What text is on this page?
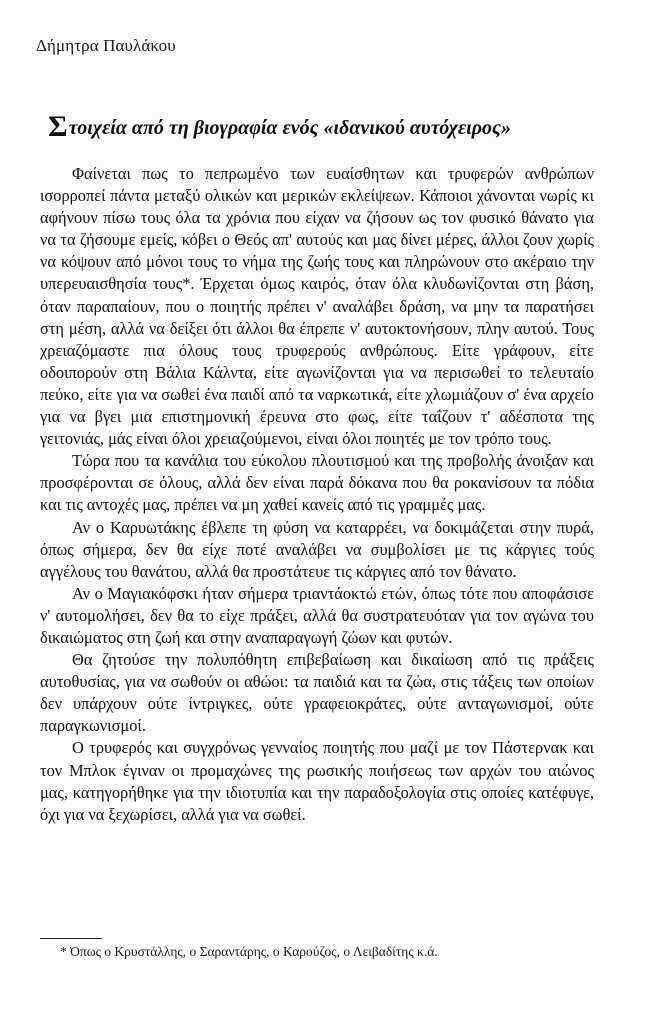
Δήμητρα Παυλάκου
Στοιχεία από τη βιογραφία ενός «ιδανικού αυτόχειρος»

Φαίνεται πως το πεπρωμένο των ευαίσθητων και τρυφερών ανθρώπων ισορροπεί πάντα μεταξύ ολικών και μερικών εκλείψεων. Κάποιοι χάνονται νωρίς κι αφήνουν πίσω τους όλα τα χρόνια που είχαν να ζήσουν ως τον φυσικό θάνατο για να τα ζήσουμε εμείς, κόβει ο Θεός απ' αυτούς και μας δίνει μέρες, άλλοι ζουν χωρίς να κόψουν από μόνοι τους το νήμα της ζωής τους και πληρώνουν στο ακέραιο την υπερευαισθησία τους*. Έρχεται όμως καιρός, όταν όλα κλυδωνίζονται στη βάση, όταν παραπαίουν, που ο ποιητής πρέπει ν' αναλάβει δράση, να μην τα παρατήσει στη μέση, αλλά να δείξει ότι άλλοι θα έπρεπε ν' αυτοκτονήσουν, πλην αυτού. Τους χρειαζόμαστε πια όλους τους τρυφερούς ανθρώπους. Είτε γράφουν, είτε οδοιπορούν στη Βάλια Κάλντα, είτε αγωνίζονται για να περισωθεί το τελευταίο πεύκο, είτε για να σωθεί ένα παιδί από τα ναρκωτικά, είτε χλωμιάζουν σ' ένα αρχείο για να βγει μια επιστημονική έρευνα στο φως, είτε ταΐζουν τ' αδέσποτα της γειτονιάς, μάς είναι όλοι χρειαζούμενοι, είναι όλοι ποιητές με τον τρόπο τους.

Τώρα που τα κανάλια του εύκολου πλουτισμού και της προβολής άνοιξαν και προσφέρονται σε όλους, αλλά δεν είναι παρά δόκανα που θα ροκανίσουν τα πόδια και τις αντοχές μας, πρέπει να μη χαθεί κανείς από τις γραμμές μας.

Αν ο Καρυωτάκης έβλεπε τη φύση να καταρρέει, να δοκιμάζεται στην πυρά, όπως σήμερα, δεν θα είχε ποτέ αναλάβει να συμβολίσει με τις κάργιες τούς αγγέλους του θανάτου, αλλά θα προστάτευε τις κάργιες από τον θάνατο.

Αν ο Μαγιακόφσκι ήταν σήμερα τριαντάοκτώ ετών, όπως τότε που αποφάσισε ν' αυτομολήσει, δεν θα το είχε πράξει, αλλά θα συστρατευόταν για τον αγώνα του δικαιώματος στη ζωή και στην αναπαραγωγή ζώων και φυτών.

Θα ζητούσε την πολυπόθητη επιβεβαίωση και δικαίωση από τις πράξεις αυτοθυσίας, για να σωθούν οι αθώοι: τα παιδιά και τα ζώα, στις τάξεις των οποίων δεν υπάρχουν ούτε ίντριγκες, ούτε γραφειοκράτες, ούτε ανταγωνισμοί, ούτε παραγκωνισμοί.

Ο τρυφερός και συγχρόνως γενναίος ποιητής που μαζί με τον Πάστερνακ και τον Μπλοκ έγιναν οι προμαχώνες της ρωσικής ποιήσεως των αρχών του αιώνος μας, κατηγορήθηκε για την ιδιοτυπία και την παραδοξολογία στις οποίες κατέφυγε, όχι για να ξεχωρίσει, αλλά για να σωθεί.

* Όπως ο Κρυστάλλης, ο Σαραντάρης, ο Καρούζος, ο Λειβαδίτης κ.ά.
